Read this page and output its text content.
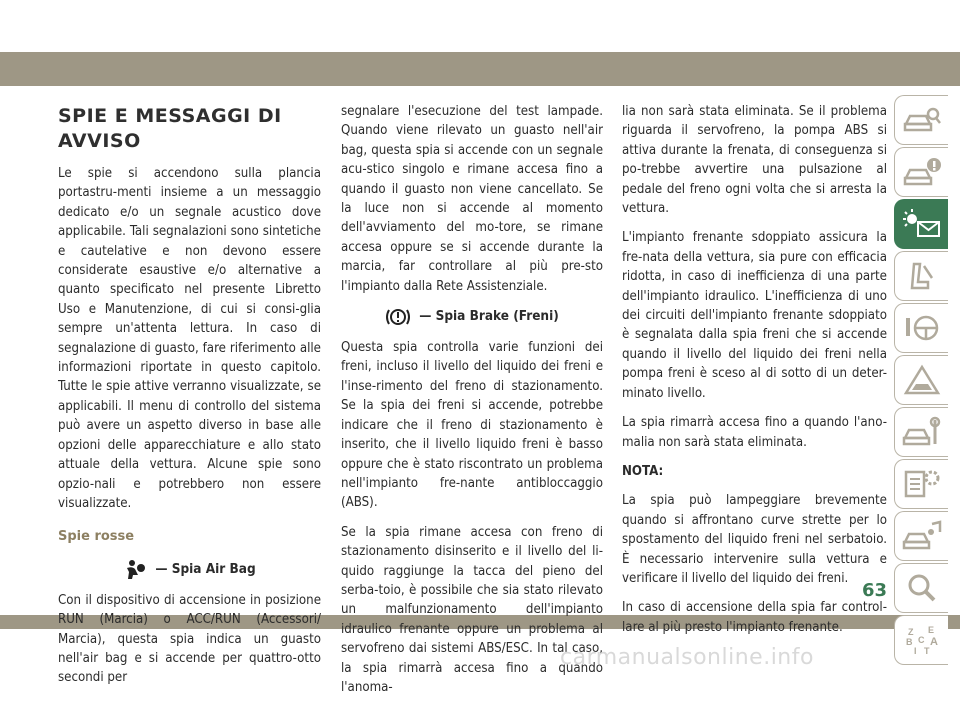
SPIE E MESSAGGI DI
AVVISO

Le spie si accendono sulla plancia portastru-menti insieme a un messaggio dedicato e/o un segnale acustico dove applicabile. Tali segnalazioni sono sintetiche e cautelative e non devono essere considerate esaustive e/o alternative a quanto specificato nel presente Libretto Uso e Manutenzione, di cui si consi-glia sempre un'attenta lettura. In caso di segnalazione di guasto, fare riferimento alle informazioni riportate in questo capitolo. Tutte le spie attive verranno visualizzate, se applicabili. Il menu di controllo del sistema può avere un aspetto diverso in base alle opzioni delle apparecchiature e allo stato attuale della vettura. Alcune spie sono opzio-nali e potrebbero non essere visualizzate.

Spie rosse
— Spia Air Bag

Con il dispositivo di accensione in posizione RUN (Marcia) o ACC/RUN (Accessori/ Marcia), questa spia indica un guasto nell'air bag e si accende per quattro-otto secondi per

segnalare l'esecuzione del test lampade. Quando viene rilevato un guasto nell'air bag, questa spia si accende con un segnale acu-stico singolo e rimane accesa fino a quando il guasto non viene cancellato. Se la luce non si accende al momento dell'avviamento del mo-tore, se rimane accesa oppure se si accende durante la marcia, far controllare al più pre-sto l'impianto dalla Rete Assistenziale.

— Spia Brake (Freni)

Questa spia controlla varie funzioni dei freni, incluso il livello del liquido dei freni e l'inse-rimento del freno di stazionamento. Se la spia dei freni si accende, potrebbe indicare che il freno di stazionamento è inserito, che il livello liquido freni è basso oppure che è stato riscontrato un problema nell'impianto fre-nante antibloccaggio (ABS).

Se la spia rimane accesa con freno di stazionamento disinserito e il livello del li-quido raggiunge la tacca del pieno del serba-toio, è possibile che sia stato rilevato un malfunzionamento dell'impianto idraulico frenante oppure un problema al servofreno dai sistemi ABS/ESC. In tal caso, la spia rimarrà accesa fino a quando l'anoma-

lia non sarà stata eliminata. Se il problema riguarda il servofreno, la pompa ABS si attiva durante la frenata, di conseguenza si po-trebbe avvertire una pulsazione al pedale del freno ogni volta che si arresta la vettura.

L'impianto frenante sdoppiato assicura la fre-nata della vettura, sia pure con efficacia ridotta, in caso di inefficienza di una parte dell'impianto idraulico. L'inefficienza di uno dei circuiti dell'impianto frenante sdoppiato è segnalata dalla spia freni che si accende quando il livello del liquido dei freni nella pompa freni è sceso al di sotto di un deter-minato livello.

La spia rimarrà accesa fino a quando l'ano-malia non sarà stata eliminata.

NOTA:

La spia può lampeggiare brevemente quando si affrontano curve strette per lo spostamento del liquido freni nel serbatoio. È necessario intervenire sulla vettura e verificare il livello del liquido dei freni.

In caso di accensione della spia far control-lare al più presto l'impianto frenante.	Z E
B C A
I T
63
carmanualsonline.info
